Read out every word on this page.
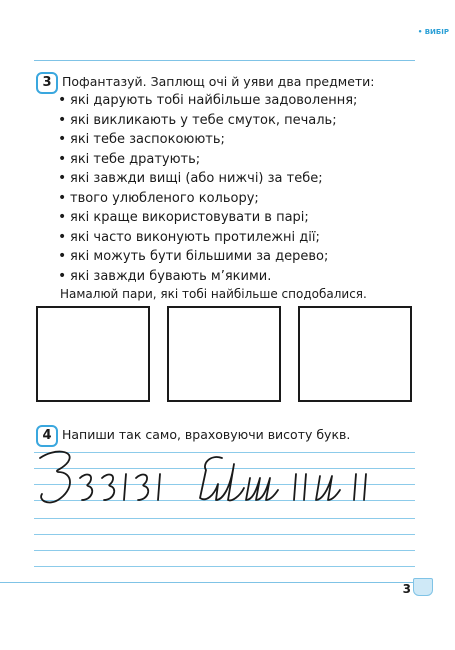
• ВИБІР
3 Пофантазуй. Заплющ очі й уяви два предмети:
• які дарують тобі найбільше задоволення;
• які викликають у тебе смуток, печаль;
• які тебе заспокоюють;
• які тебе дратують;
• які завжди вищі (або нижчі) за тебе;
• твого улюбленого кольору;
• які краще використовувати в парі;
• які часто виконують протилежні дії;
• які можуть бути більшими за дерево;
• які завжди бувають м’якими.
Намалюй пари, які тобі найбільше сподобалися.
4 Напиши так само, враховуючи висоту букв.
3
